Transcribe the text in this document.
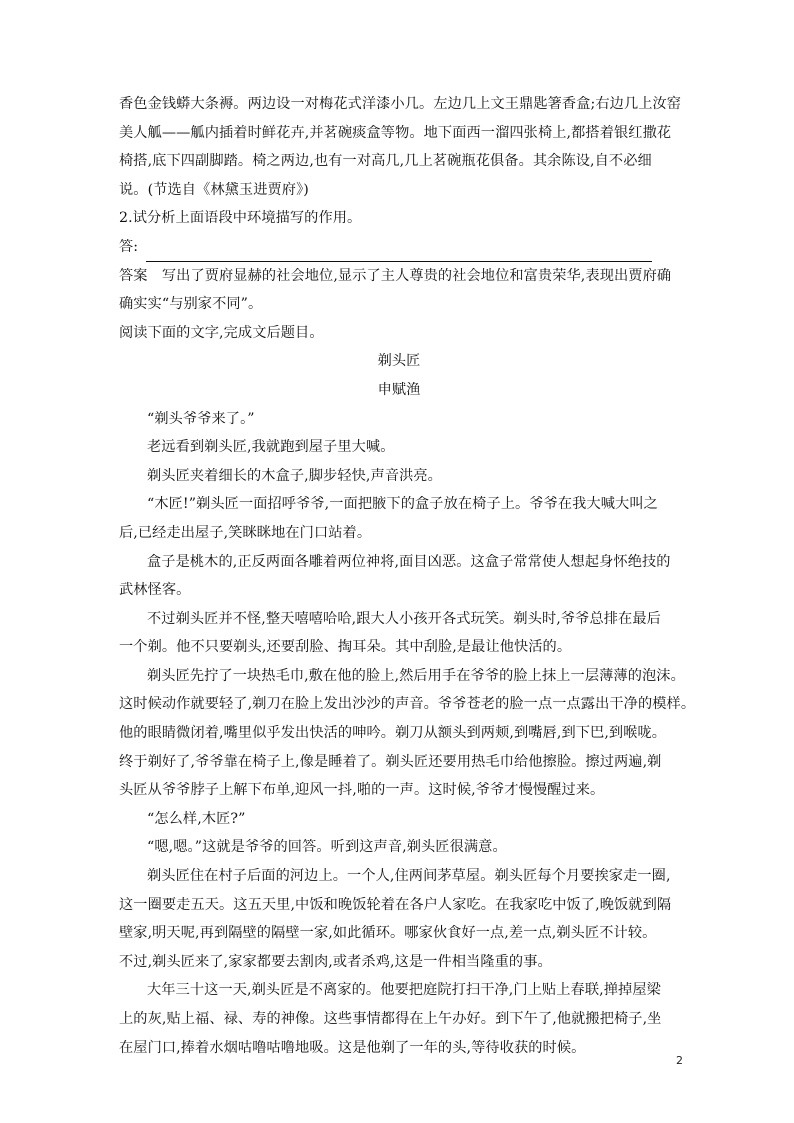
香色金钱蟒大条褥。两边设一对梅花式洋漆小几。左边几上文王鼎匙箸香盒;右边几上汝窑
美人觚——觚内插着时鲜花卉,并茗碗痰盒等物。地下面西一溜四张椅上,都搭着银红撒花
椅搭,底下四副脚踏。椅之两边,也有一对高几,几上茗碗瓶花俱备。其余陈设,自不必细
说。(节选自《林黛玉进贾府》)
2.试分析上面语段中环境描写的作用。
答:
答案　写出了贾府显赫的社会地位,显示了主人尊贵的社会地位和富贵荣华,表现出贾府确
确实实“与别家不同”。
阅读下面的文字,完成文后题目。
剃头匠
申赋渔
“剃头爷爷来了。”
老远看到剃头匠,我就跑到屋子里大喊。
剃头匠夹着细长的木盒子,脚步轻快,声音洪亮。
“木匠!”剃头匠一面招呼爷爷,一面把腋下的盒子放在椅子上。爷爷在我大喊大叫之
后,已经走出屋子,笑眯眯地在门口站着。
盒子是桃木的,正反两面各雕着两位神将,面目凶恶。这盒子常常使人想起身怀绝技的
武林怪客。
不过剃头匠并不怪,整天嘻嘻哈哈,跟大人小孩开各式玩笑。剃头时,爷爷总排在最后
一个剃。他不只要剃头,还要刮脸、掏耳朵。其中刮脸,是最让他快活的。
剃头匠先拧了一块热毛巾,敷在他的脸上,然后用手在爷爷的脸上抹上一层薄薄的泡沫。
这时候动作就要轻了,剃刀在脸上发出沙沙的声音。爷爷苍老的脸一点一点露出干净的模样。
他的眼睛微闭着,嘴里似乎发出快活的呻吟。剃刀从额头到两颊,到嘴唇,到下巴,到喉咙。
终于剃好了,爷爷靠在椅子上,像是睡着了。剃头匠还要用热毛巾给他擦脸。擦过两遍,剃
头匠从爷爷脖子上解下布单,迎风一抖,啪的一声。这时候,爷爷才慢慢醒过来。
“怎么样,木匠?”
“嗯,嗯。”这就是爷爷的回答。听到这声音,剃头匠很满意。
剃头匠住在村子后面的河边上。一个人,住两间茅草屋。剃头匠每个月要挨家走一圈,
这一圈要走五天。这五天里,中饭和晚饭轮着在各户人家吃。在我家吃中饭了,晚饭就到隔
壁家,明天呢,再到隔壁的隔壁一家,如此循环。哪家伙食好一点,差一点,剃头匠不计较。
不过,剃头匠来了,家家都要去割肉,或者杀鸡,这是一件相当隆重的事。
大年三十这一天,剃头匠是不离家的。他要把庭院打扫干净,门上贴上春联,掸掉屋梁
上的灰,贴上福、禄、寿的神像。这些事情都得在上午办好。到下午了,他就搬把椅子,坐
在屋门口,捧着水烟咕噜咕噜地吸。这是他剃了一年的头,等待收获的时候。
2
